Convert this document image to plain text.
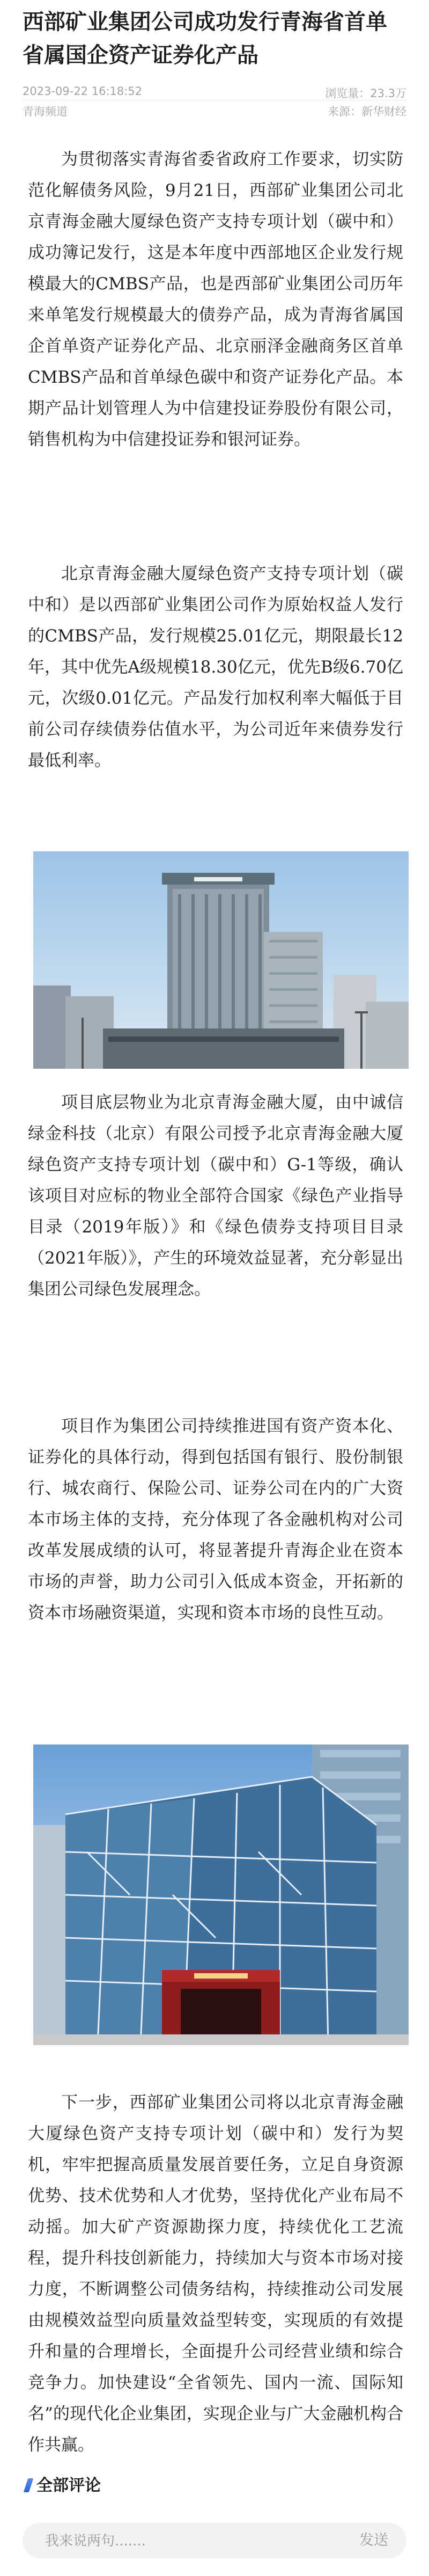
西部矿业集团公司成功发行青海省首单省属国企资产证券化产品
2023-09-22 16:18:52	浏览量：23.3万
青海频道	来源：新华财经

为贯彻落实青海省委省政府工作要求，切实防范化解债务风险，9月21日，西部矿业集团公司北京青海金融大厦绿色资产支持专项计划（碳中和）成功簿记发行，这是本年度中西部地区企业发行规模最大的CMBS产品，也是西部矿业集团公司历年来单笔发行规模最大的债券产品，成为青海省属国企首单资产证券化产品、北京丽泽金融商务区首单CMBS产品和首单绿色碳中和资产证券化产品。本期产品计划管理人为中信建投证券股份有限公司，销售机构为中信建投证券和银河证券。

北京青海金融大厦绿色资产支持专项计划（碳中和）是以西部矿业集团公司作为原始权益人发行的CMBS产品，发行规模25.01亿元，期限最长12年，其中优先A级规模18.30亿元，优先B级6.70亿元，次级0.01亿元。产品发行加权利率大幅低于目前公司存续债券估值水平，为公司近年来债券发行最低利率。

项目底层物业为北京青海金融大厦，由中诚信绿金科技（北京）有限公司授予北京青海金融大厦绿色资产支持专项计划（碳中和）G-1等级，确认该项目对应标的物业全部符合国家《绿色产业指导目录（2019年版）》和《绿色债券支持项目目录（2021年版）》，产生的环境效益显著，充分彰显出集团公司绿色发展理念。

项目作为集团公司持续推进国有资产资本化、证券化的具体行动，得到包括国有银行、股份制银行、城农商行、保险公司、证券公司在内的广大资本市场主体的支持，充分体现了各金融机构对公司改革发展成绩的认可，将显著提升青海企业在资本市场的声誉，助力公司引入低成本资金，开拓新的资本市场融资渠道，实现和资本市场的良性互动。

下一步，西部矿业集团公司将以北京青海金融大厦绿色资产支持专项计划（碳中和）发行为契机，牢牢把握高质量发展首要任务，立足自身资源优势、技术优势和人才优势，坚持优化产业布局不动摇。加大矿产资源勘探力度，持续优化工艺流程，提升科技创新能力，持续加大与资本市场对接力度，不断调整公司债务结构，持续推动公司发展由规模效益型向质量效益型转变，实现质的有效提升和量的合理增长，全面提升公司经营业绩和综合竞争力。加快建设“全省领先、国内一流、国际知名”的现代化企业集团，实现企业与广大金融机构合作共赢。

全部评论
我来说两句.......
发送
